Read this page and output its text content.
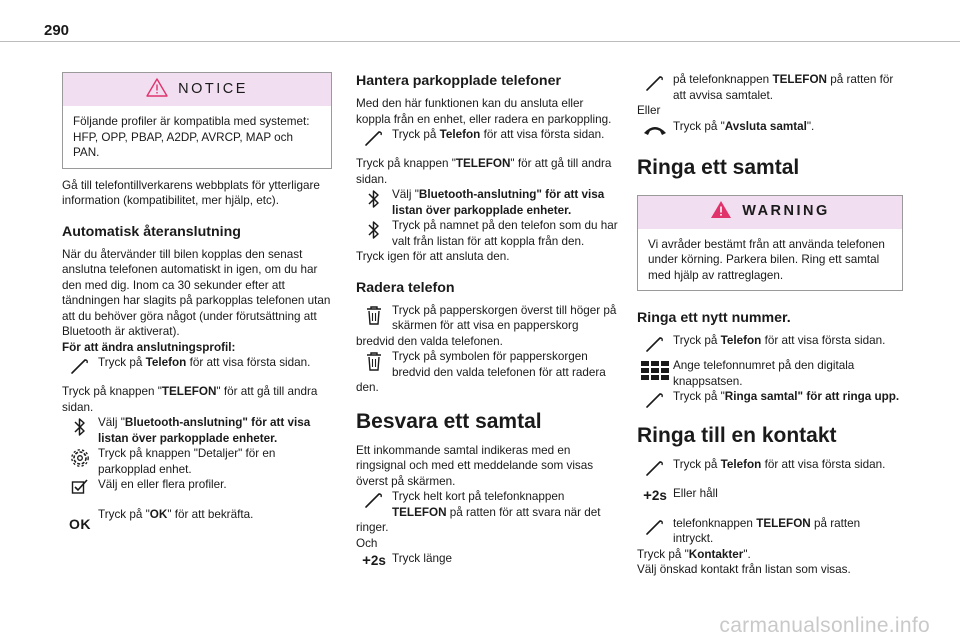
290
NOTICE

Följande profiler är kompatibla med systemet: HFP, OPP, PBAP, A2DP, AVRCP, MAP och PAN.

Gå till telefontillverkarens webbplats för ytterligare information (kompatibilitet, mer hjälp, etc).

Automatisk återanslutning

När du återvänder till bilen kopplas den senast anslutna telefonen automatiskt in igen, om du har den med dig. Inom ca 30 sekunder efter att tändningen har slagits på parkopplas telefonen utan att du behöver göra något (under förutsättning att Bluetooth är aktiverat).

För att ändra anslutningsprofil:

Tryck på Telefon för att visa första sidan.

Tryck på knappen "TELEFON" för att gå till andra sidan.

Välj "Bluetooth-anslutning" för att visa listan över parkopplade enheter.
Tryck på knappen "Detaljer" för en parkopplad enhet.
Välj en eller flera profiler.
OK
Tryck på "OK" för att bekräfta.
Hantera parkopplade telefoner

Med den här funktionen kan du ansluta eller koppla från en enhet, eller radera en parkoppling.

Tryck på Telefon för att visa första sidan.

Tryck på knappen "TELEFON" för att gå till andra sidan.

Välj "Bluetooth-anslutning" för att visa listan över parkopplade enheter.
Tryck på namnet på den telefon som du har valt från listan för att koppla från den.

Tryck igen för att ansluta den.

Radera telefon
Tryck på papperskorgen överst till höger på skärmen för att visa en papperskorg

bredvid den valda telefonen.

Tryck på symbolen för papperskorgen bredvid den valda telefonen för att radera

den.

Besvara ett samtal

Ett inkommande samtal indikeras med en ringsignal och med ett meddelande som visas överst på skärmen.

Tryck helt kort på telefonknappen TELEFON på ratten för att svara när det

ringer.

Och

+ 2s Tryck länge
på telefonknappen TELEFON på ratten för att avvisa samtalet.

Eller

Tryck på "Avsluta samtal".
Ringa ett samtal
WARNING

Vi avråder bestämt från att använda telefonen under körning. Parkera bilen. Ring ett samtal med hjälp av rattreglagen.

Ringa ett nytt nummer.
Tryck på Telefon för att visa första sidan.
Ange telefonnumret på den digitala knappsatsen.
Tryck på "Ringa samtal" för att ringa upp.
Ringa till en kontakt
Tryck på Telefon för att visa första sidan.
+ 2s Eller håll
telefonknappen TELEFON på ratten intryckt.

Tryck på "Kontakter".

Välj önskad kontakt från listan som visas.

carmanualsonline.info
